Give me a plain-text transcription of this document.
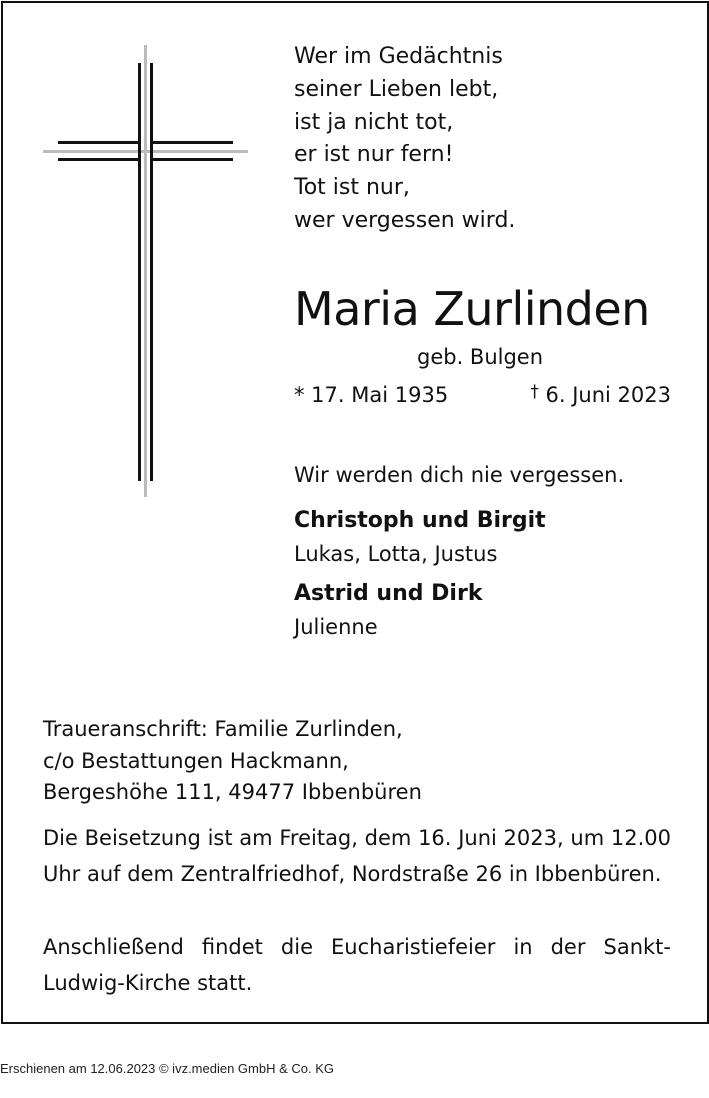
Wer im Gedächtnis
seiner Lieben lebt,
ist ja nicht tot,
er ist nur fern!
Tot ist nur,
wer vergessen wird.
Maria Zurlinden
geb. Bulgen
* 17. Mai 1935	† 6. Juni 2023
Wir werden dich nie vergessen.
Christoph und Birgit
Lukas, Lotta, Justus
Astrid und Dirk
Julienne
Traueranschrift: Familie Zurlinden,
c/o Bestattungen Hackmann,
Bergeshöhe 111, 49477 Ibbenbüren
Die Beisetzung ist am Freitag, dem 16. Juni 2023, um 12.00 Uhr auf dem Zentralfriedhof, Nordstraße 26 in Ibbenbüren.
Anschließend findet die Eucharistiefeier in der Sankt-Ludwig-Kirche statt.
Erschienen am 12.06.2023 © ivz.medien GmbH & Co. KG
